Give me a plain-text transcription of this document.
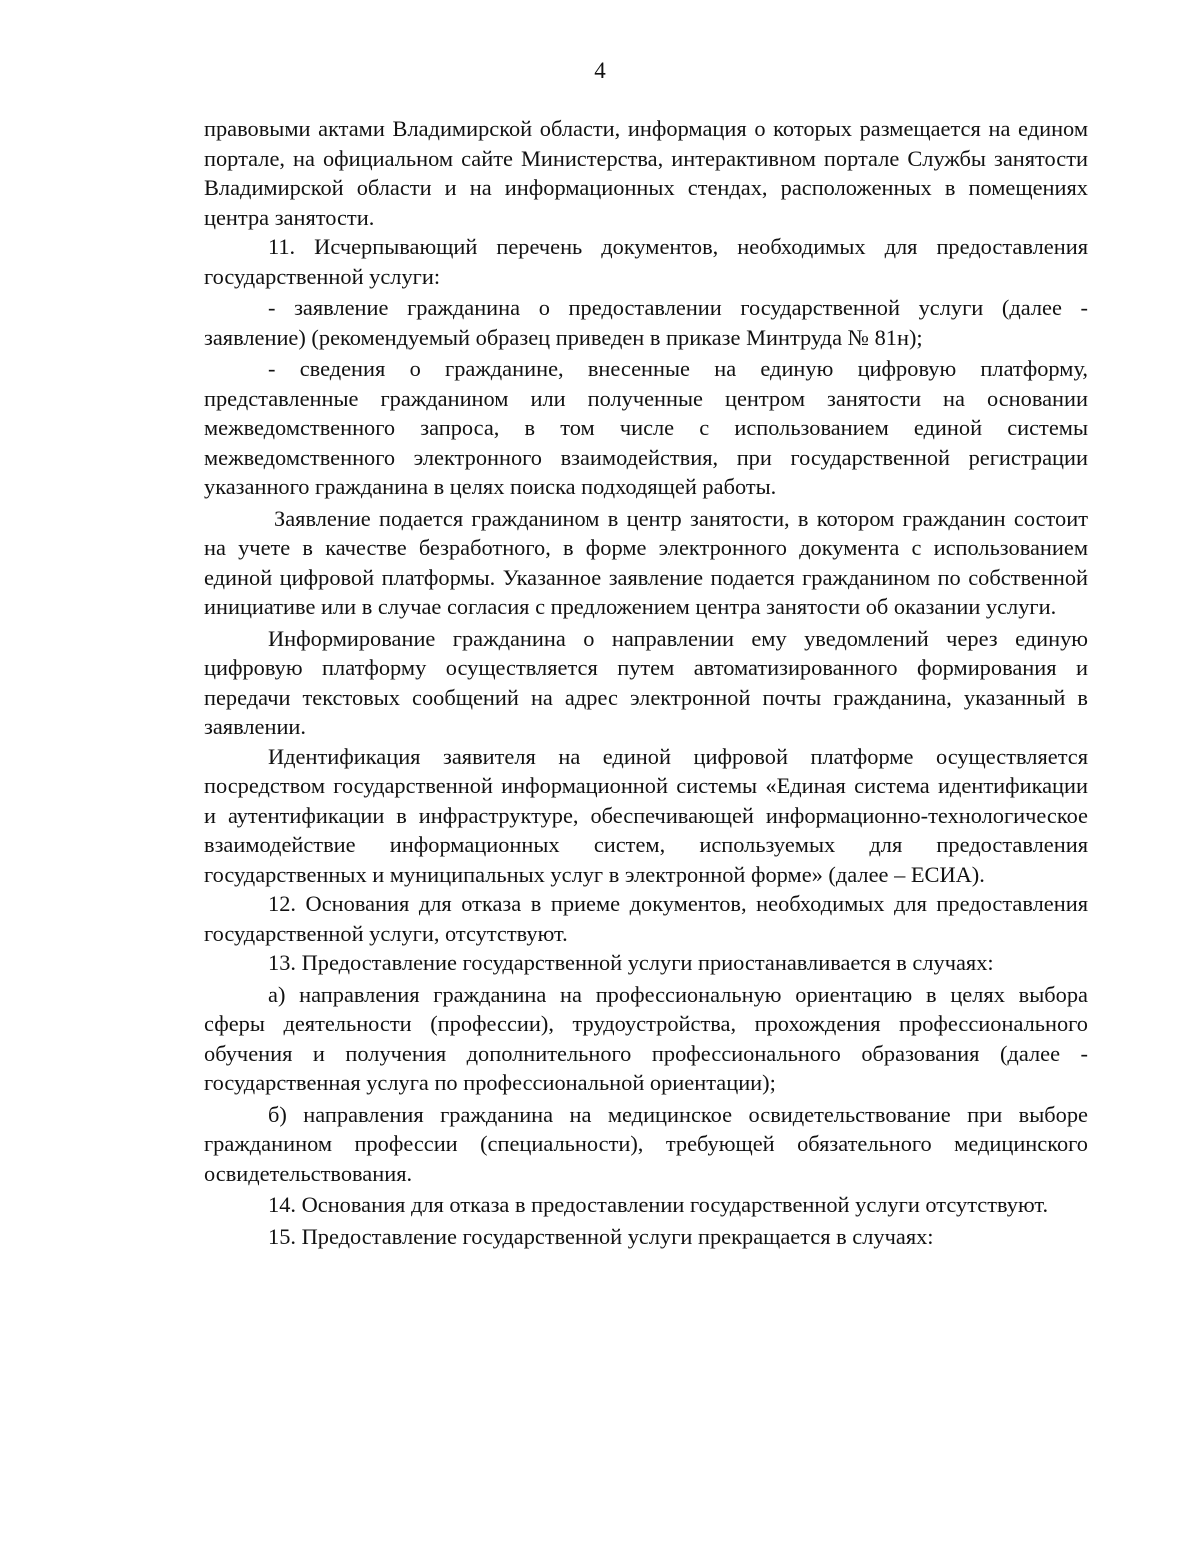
4

правовыми актами Владимирской области, информация о которых размещается на едином портале, на официальном сайте Министерства, интерактивном портале Службы занятости Владимирской области и на информационных стендах, расположенных в помещениях центра занятости.

11. Исчерпывающий перечень документов, необходимых для предоставления государственной услуги:

- заявление гражданина о предоставлении государственной услуги (далее - заявление) (рекомендуемый образец приведен в приказе Минтруда № 81н);

- сведения о гражданине, внесенные на единую цифровую платформу, представленные гражданином или полученные центром занятости на основании межведомственного запроса, в том числе с использованием единой системы межведомственного электронного взаимодействия, при государственной регистрации указанного гражданина в целях поиска подходящей работы.

Заявление подается гражданином в центр занятости, в котором гражданин состоит на учете в качестве безработного, в форме электронного документа с использованием единой цифровой платформы. Указанное заявление подается гражданином по собственной инициативе или в случае согласия с предложением центра занятости об оказании услуги.

Информирование гражданина о направлении ему уведомлений через единую цифровую платформу осуществляется путем автоматизированного формирования и передачи текстовых сообщений на адрес электронной почты гражданина, указанный в заявлении.

Идентификация заявителя на единой цифровой платформе осуществляется посредством государственной информационной системы «Единая система идентификации и аутентификации в инфраструктуре, обеспечивающей информационно-технологическое взаимодействие информационных систем, используемых для предоставления государственных и муниципальных услуг в электронной форме» (далее – ЕСИА).

12. Основания для отказа в приеме документов, необходимых для предоставления государственной услуги, отсутствуют.

13. Предоставление государственной услуги приостанавливается в случаях:

а) направления гражданина на профессиональную ориентацию в целях выбора сферы деятельности (профессии), трудоустройства, прохождения профессионального обучения и получения дополнительного профессионального образования (далее - государственная услуга по профессиональной ориентации);

б) направления гражданина на медицинское освидетельствование при выборе гражданином профессии (специальности), требующей обязательного медицинского освидетельствования.

14. Основания для отказа в предоставлении государственной услуги отсутствуют.

15. Предоставление государственной услуги прекращается в случаях:
